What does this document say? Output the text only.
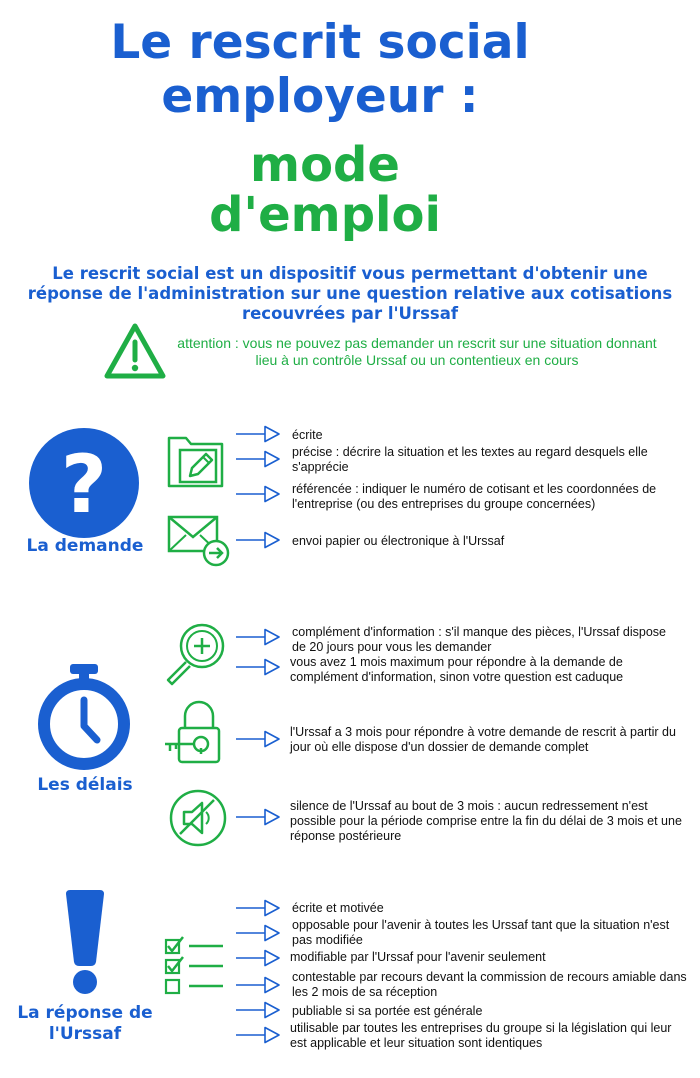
Le rescrit social
employeur :
mode
d'emploi
Le rescrit social est un dispositif vous permettant d'obtenir une réponse de l'administration sur une question relative aux cotisations recouvrées par l'Urssaf
attention : vous ne pouvez pas demander un rescrit sur une situation donnant lieu à un contrôle Urssaf ou un contentieux en cours
?
La demande
écrite
précise : décrire la situation et les textes au regard desquels elle s'apprécie
référencée : indiquer le numéro de cotisant et les coordonnées de l'entreprise (ou des entreprises du groupe concernées)
envoi papier ou électronique à l'Urssaf
Les délais
complément d'information : s'il manque des pièces, l'Urssaf dispose de 20 jours pour vous les demander
vous avez 1 mois maximum pour répondre à la demande de complément d'information, sinon votre question est caduque
l'Urssaf a 3 mois pour répondre à votre demande de rescrit à partir du jour où elle dispose d'un dossier de demande complet
silence de l'Urssaf au bout de 3 mois : aucun redressement n'est possible pour la période comprise entre la fin du délai de 3 mois et une réponse postérieure
La réponse de l'Urssaf
écrite et motivée
opposable pour l'avenir à toutes les Urssaf tant que la situation n'est pas modifiée
modifiable par l'Urssaf pour l'avenir seulement
contestable par recours devant la commission de recours amiable dans les 2 mois de sa réception
publiable si sa portée est générale
utilisable par toutes les entreprises du groupe si la législation qui leur est applicable et leur situation sont identiques
